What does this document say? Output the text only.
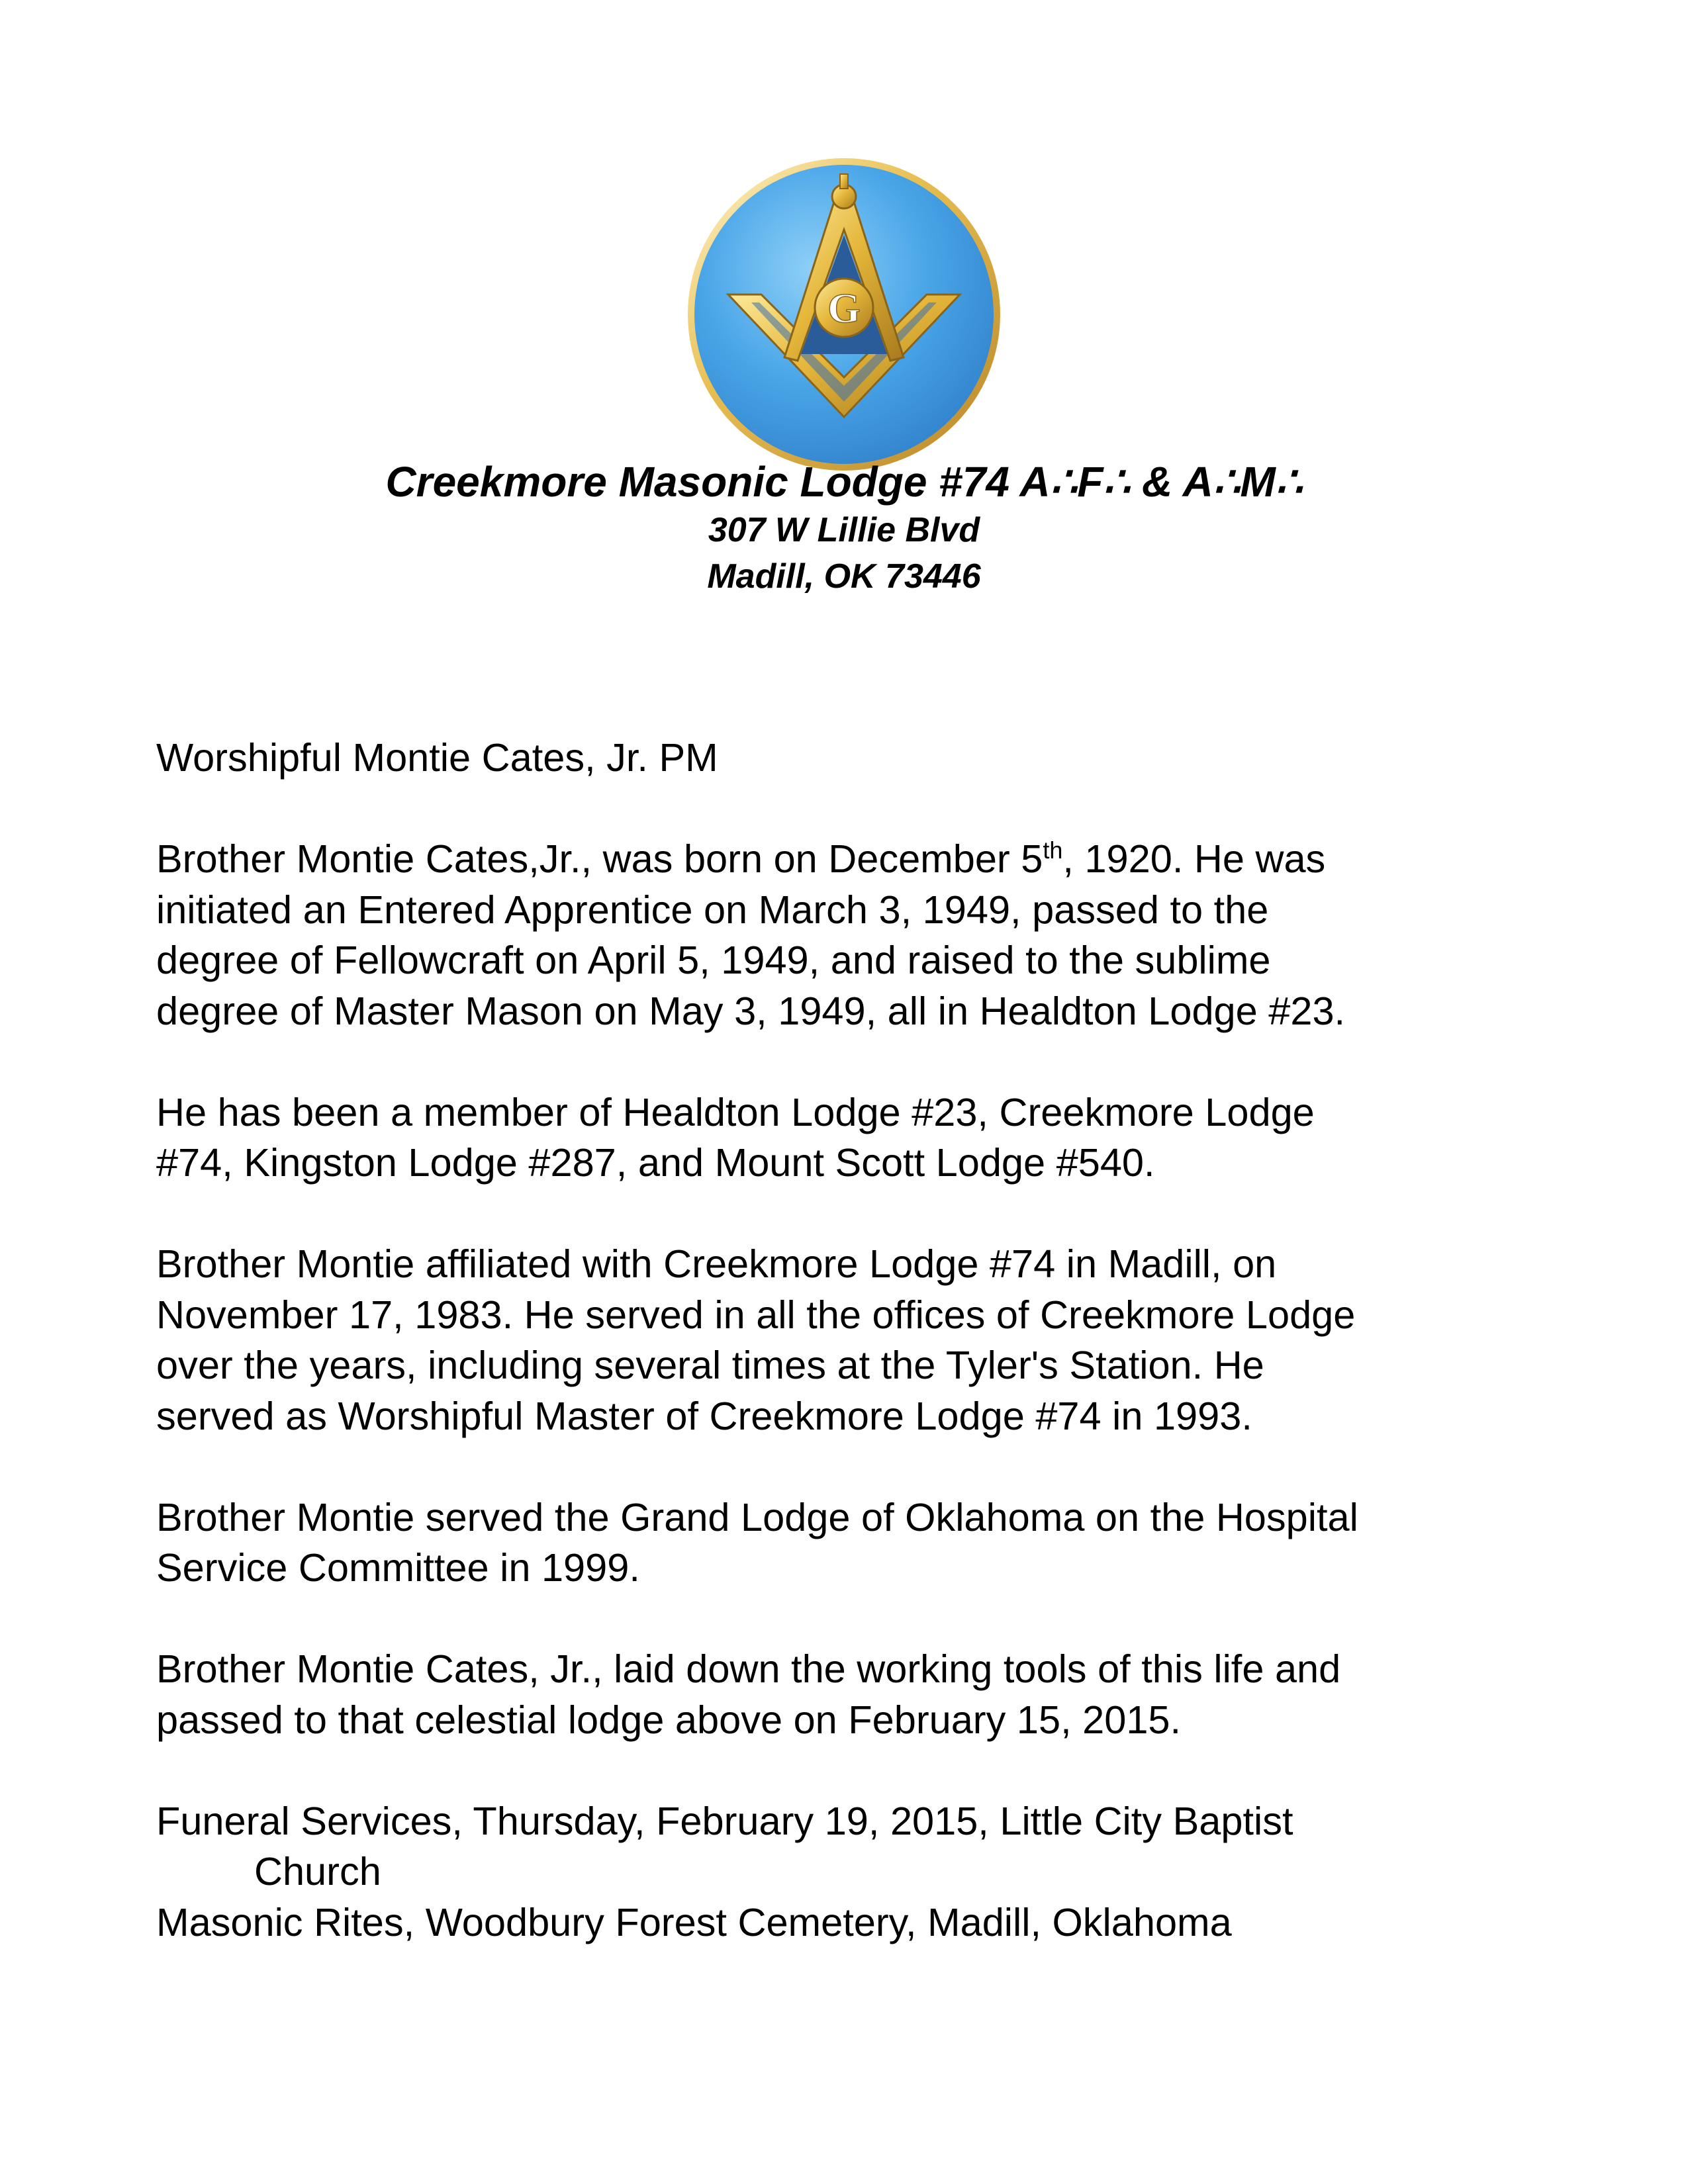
G
Creekmore Masonic Lodge #74 A∴F∴ & A∴M∴
307 W Lillie Blvd
Madill, OK 73446

Worshipful Montie Cates, Jr. PM

Brother Montie Cates,Jr., was born on December 5th, 1920. He was

initiated an Entered Apprentice on March 3, 1949, passed to the

degree of Fellowcraft on April 5, 1949, and raised to the sublime

degree of Master Mason on May 3, 1949, all in Healdton Lodge #23.

He has been a member of Healdton Lodge #23, Creekmore Lodge

#74, Kingston Lodge #287, and Mount Scott Lodge #540.

Brother Montie affiliated with Creekmore Lodge #74 in Madill, on

November 17, 1983. He served in all the offices of Creekmore Lodge

over the years, including several times at the Tyler's Station. He

served as Worshipful Master of Creekmore Lodge #74 in 1993.

Brother Montie served the Grand Lodge of Oklahoma on the Hospital

Service Committee in 1999.

Brother Montie Cates, Jr., laid down the working tools of this life and

passed to that celestial lodge above on February 15, 2015.

Funeral Services, Thursday, February 19, 2015, Little City Baptist

Church

Masonic Rites, Woodbury Forest Cemetery, Madill, Oklahoma
